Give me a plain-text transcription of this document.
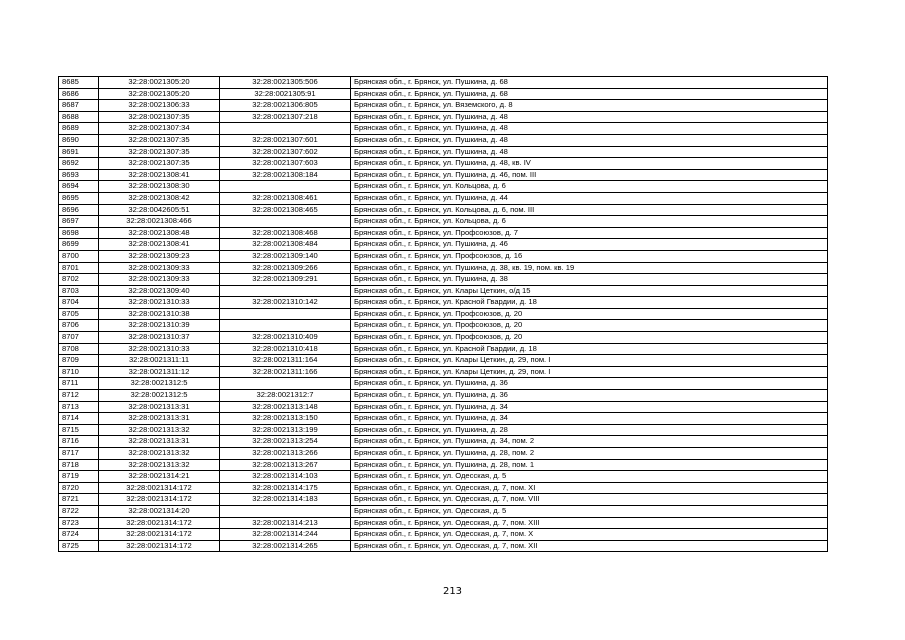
8685	32:28:0021305:20	32:28:0021305:506	Брянская обл., г. Брянск, ул. Пушкина, д. 68
8686	32:28:0021305:20	32:28:0021305:91	Брянская обл., г. Брянск, ул. Пушкина, д. 68
8687	32:28:0021306:33	32:28:0021306:805	Брянская обл., г. Брянск, ул. Вяземского, д. 8
8688	32:28:0021307:35	32:28:0021307:218	Брянская обл., г. Брянск, ул. Пушкина, д. 48
8689	32:28:0021307:34		Брянская обл., г. Брянск, ул. Пушкина, д. 48
8690	32:28:0021307:35	32:28:0021307:601	Брянская обл., г. Брянск, ул. Пушкина, д. 48
8691	32:28:0021307:35	32:28:0021307:602	Брянская обл., г. Брянск, ул. Пушкина, д. 48
8692	32:28:0021307:35	32:28:0021307:603	Брянская обл., г. Брянск, ул. Пушкина, д. 48, кв. IV
8693	32:28:0021308:41	32:28:0021308:184	Брянская обл., г. Брянск, ул. Пушкина, д. 46, пом. III
8694	32:28:0021308:30		Брянская обл., г. Брянск, ул. Кольцова, д. 6
8695	32:28:0021308:42	32:28:0021308:461	Брянская обл., г. Брянск, ул. Пушкина, д. 44
8696	32:28:0042605:51	32:28:0021308:465	Брянская обл., г. Брянск, ул. Кольцова, д. 6, пом. III
8697	32:28:0021308:466		Брянская обл., г. Брянск, ул. Кольцова, д. 6
8698	32:28:0021308:48	32:28:0021308:468	Брянская обл., г. Брянск, ул. Профсоюзов, д. 7
8699	32:28:0021308:41	32:28:0021308:484	Брянская обл., г. Брянск, ул. Пушкина, д. 46
8700	32:28:0021309:23	32:28:0021309:140	Брянская обл., г. Брянск, ул. Профсоюзов, д. 16
8701	32:28:0021309:33	32:28:0021309:266	Брянская обл., г. Брянск, ул. Пушкина, д. 38, кв. 19, пом. кв. 19
8702	32:28:0021309:33	32:28:0021309:291	Брянская обл., г. Брянск, ул. Пушкина, д. 38
8703	32:28:0021309:40		Брянская обл., г. Брянск, ул. Клары Цеткин, о/д 15
8704	32:28:0021310:33	32:28:0021310:142	Брянская обл., г. Брянск, ул. Красной Гвардии, д. 18
8705	32:28:0021310:38		Брянская обл., г. Брянск, ул. Профсоюзов, д. 20
8706	32:28:0021310:39		Брянская обл., г. Брянск, ул. Профсоюзов, д. 20
8707	32:28:0021310:37	32:28:0021310:409	Брянская обл., г. Брянск, ул. Профсоюзов, д. 20
8708	32:28:0021310:33	32:28:0021310:418	Брянская обл., г. Брянск, ул. Красной Гвардии, д. 18
8709	32:28:0021311:11	32:28:0021311:164	Брянская обл., г. Брянск, ул. Клары Цеткин, д. 29, пом. I
8710	32:28:0021311:12	32:28:0021311:166	Брянская обл., г. Брянск, ул. Клары Цеткин, д. 29, пом. I
8711	32:28:0021312:5		Брянская обл., г. Брянск, ул. Пушкина, д. 36
8712	32:28:0021312:5	32:28:0021312:7	Брянская обл., г. Брянск, ул. Пушкина, д. 36
8713	32:28:0021313:31	32:28:0021313:148	Брянская обл., г. Брянск, ул. Пушкина, д. 34
8714	32:28:0021313:31	32:28:0021313:150	Брянская обл., г. Брянск, ул. Пушкина, д. 34
8715	32:28:0021313:32	32:28:0021313:199	Брянская обл., г. Брянск, ул. Пушкина, д. 28
8716	32:28:0021313:31	32:28:0021313:254	Брянская обл., г. Брянск, ул. Пушкина, д. 34, пом. 2
8717	32:28:0021313:32	32:28:0021313:266	Брянская обл., г. Брянск, ул. Пушкина, д. 28, пом. 2
8718	32:28:0021313:32	32:28:0021313:267	Брянская обл., г. Брянск, ул. Пушкина, д. 28, пом. 1
8719	32:28:0021314:21	32:28:0021314:103	Брянская обл., г. Брянск, ул. Одесская, д. 5
8720	32:28:0021314:172	32:28:0021314:175	Брянская обл., г. Брянск, ул. Одесская, д. 7, пом. XI
8721	32:28:0021314:172	32:28:0021314:183	Брянская обл., г. Брянск, ул. Одесская, д. 7, пом. VIII
8722	32:28:0021314:20		Брянская обл., г. Брянск, ул. Одесская, д. 5
8723	32:28:0021314:172	32:28:0021314:213	Брянская обл., г. Брянск, ул. Одесская, д. 7, пом. XIII
8724	32:28:0021314:172	32:28:0021314:244	Брянская обл., г. Брянск, ул. Одесская, д. 7, пом. X
8725	32:28:0021314:172	32:28:0021314:265	Брянская обл., г. Брянск, ул. Одесская, д. 7, пом. XII
213
